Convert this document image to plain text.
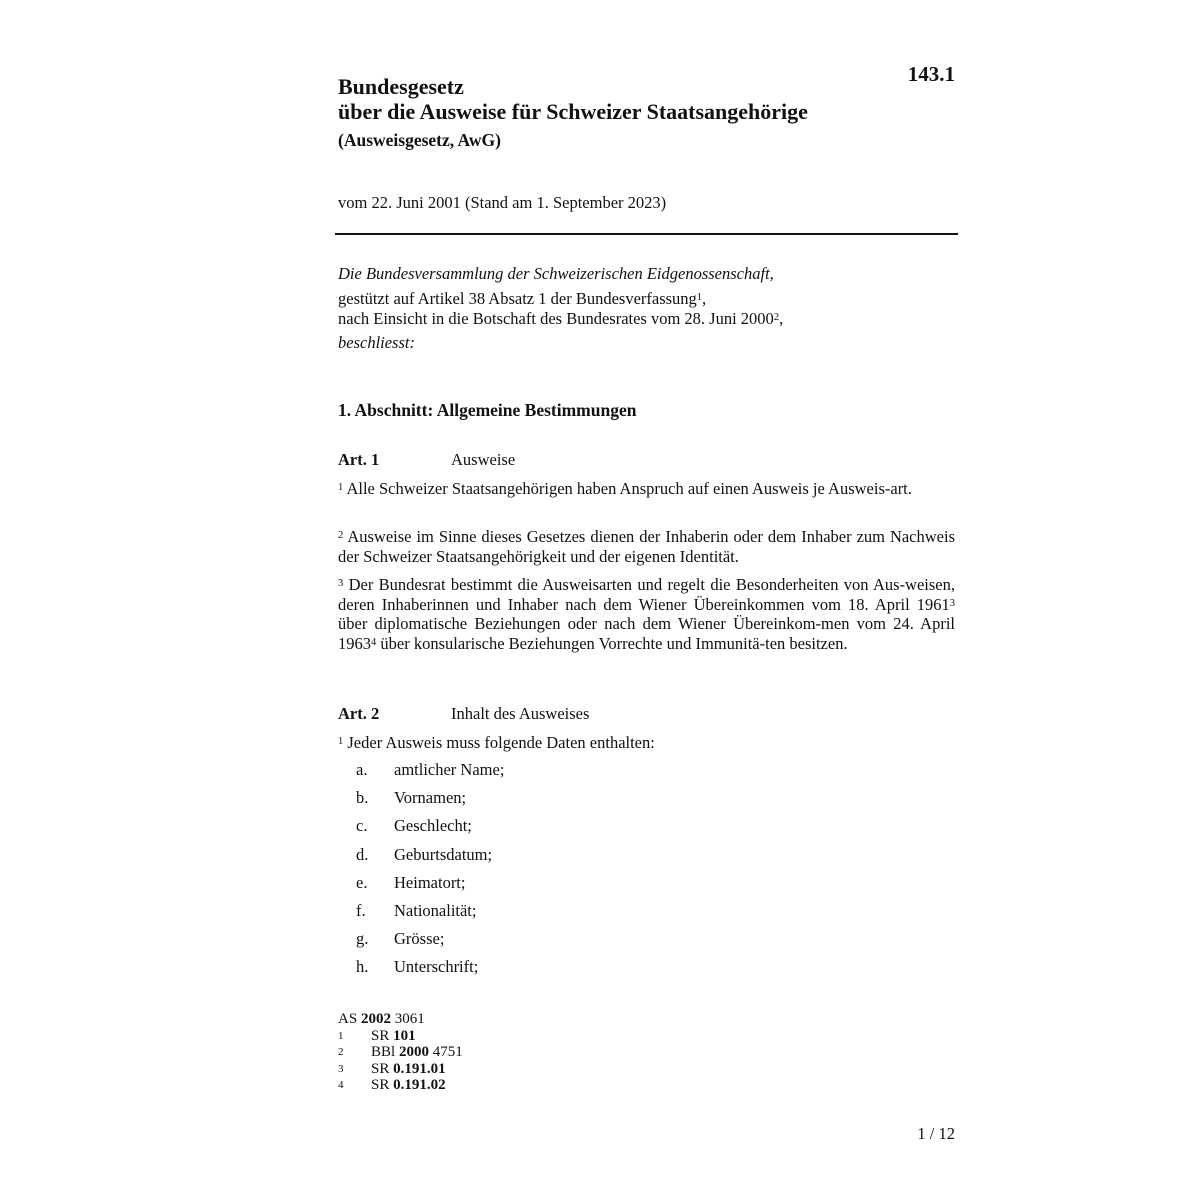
143.1
Bundesgesetz
über die Ausweise für Schweizer Staatsangehörige
(Ausweisgesetz, AwG)
vom 22. Juni 2001 (Stand am 1. September 2023)
Die Bundesversammlung der Schweizerischen Eidgenossenschaft,
gestützt auf Artikel 38 Absatz 1 der Bundesverfassung$^1$,
nach Einsicht in die Botschaft des Bundesrates vom 28. Juni 2000$^2$,
beschliesst:
1. Abschnitt: Allgemeine Bestimmungen
Art. 1	Ausweise
$^1$ Alle Schweizer Staatsangehörigen haben Anspruch auf einen Ausweis je Ausweis-art.
$^2$ Ausweise im Sinne dieses Gesetzes dienen der Inhaberin oder dem Inhaber zum Nachweis der Schweizer Staatsangehörigkeit und der eigenen Identität.
$^3$ Der Bundesrat bestimmt die Ausweisarten und regelt die Besonderheiten von Aus-weisen, deren Inhaberinnen und Inhaber nach dem Wiener Übereinkommen vom 18. April 1961$^3$ über diplomatische Beziehungen oder nach dem Wiener Übereinkom-men vom 24. April 1963$^4$ über konsularische Beziehungen Vorrechte und Immunitä-ten besitzen.
Art. 2	Inhalt des Ausweises
$^1$ Jeder Ausweis muss folgende Daten enthalten:
a. amtlicher Name;
b. Vornamen;
c. Geschlecht;
d. Geburtsdatum;
e. Heimatort;
f. Nationalität;
g. Grösse;
h. Unterschrift;
AS 2002 3061
1 SR 101
2 BBl 2000 4751
3 SR 0.191.01
4 SR 0.191.02
1 / 12
